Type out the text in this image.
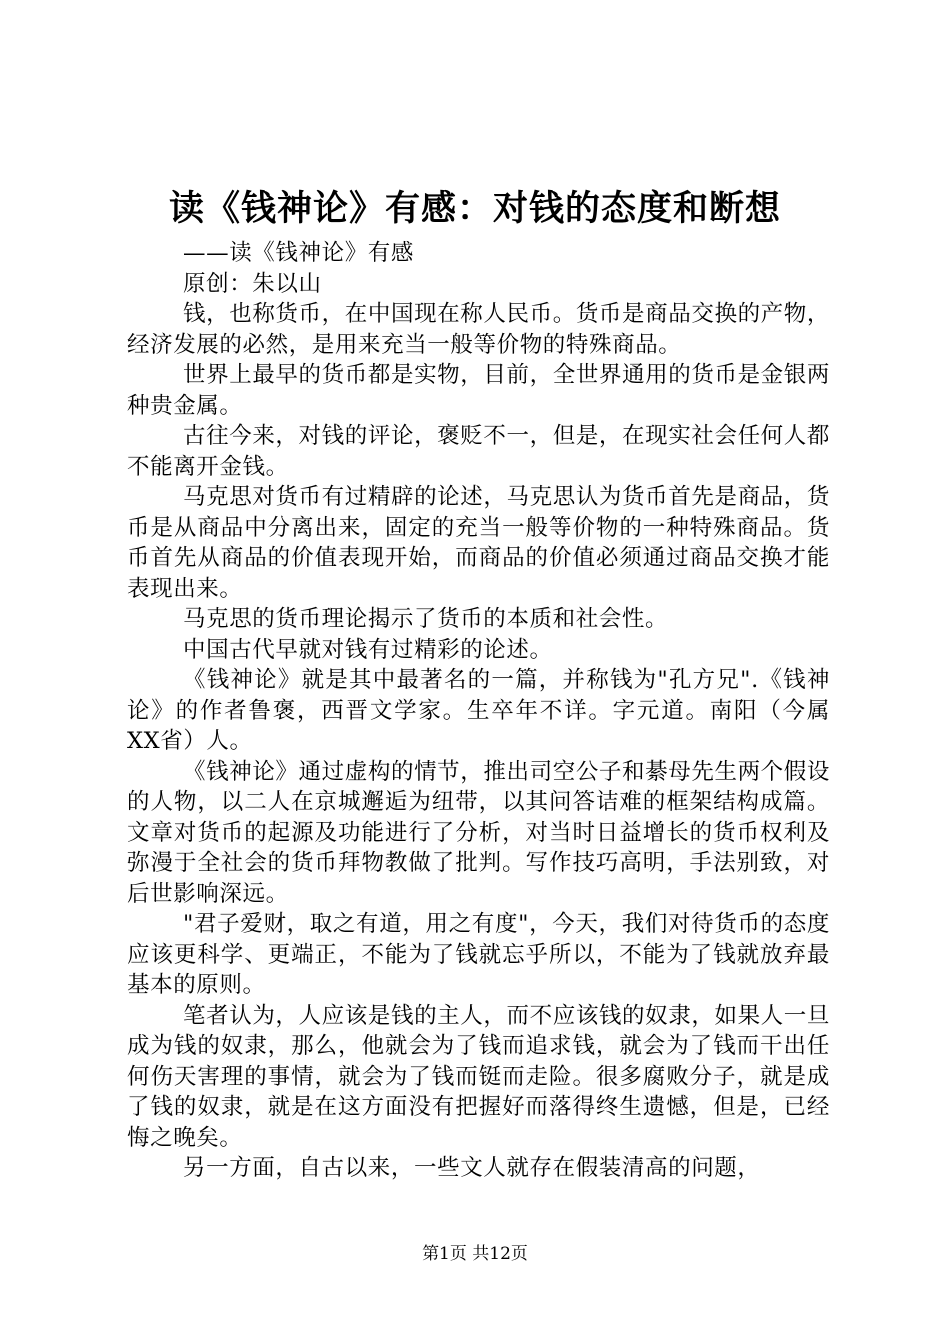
读《钱神论》有感：对钱的态度和断想

——读《钱神论》有感

原创：朱以山

钱，也称货币，在中国现在称人民币。货币是商品交换的产物，经济发展的必然，是用来充当一般等价物的特殊商品。

世界上最早的货币都是实物，目前，全世界通用的货币是金银两种贵金属。

古往今来，对钱的评论，褒贬不一，但是，在现实社会任何人都不能离开金钱。

马克思对货币有过精辟的论述，马克思认为货币首先是商品，货币是从商品中分离出来，固定的充当一般等价物的一种特殊商品。货币首先从商品的价值表现开始，而商品的价值必须通过商品交换才能表现出来。

马克思的货币理论揭示了货币的本质和社会性。

中国古代早就对钱有过精彩的论述。

《钱神论》就是其中最著名的一篇，并称钱为"孔方兄".《钱神论》的作者鲁褒，西晋文学家。生卒年不详。字元道。南阳（今属XX省）人。

《钱神论》通过虚构的情节，推出司空公子和綦母先生两个假设的人物，以二人在京城邂逅为纽带，以其问答诘难的框架结构成篇。文章对货币的起源及功能进行了分析，对当时日益增长的货币权利及弥漫于全社会的货币拜物教做了批判。写作技巧高明，手法别致，对后世影响深远。

"君子爱财，取之有道，用之有度"，今天，我们对待货币的态度应该更科学、更端正，不能为了钱就忘乎所以，不能为了钱就放弃最基本的原则。

笔者认为，人应该是钱的主人，而不应该钱的奴隶，如果人一旦成为钱的奴隶，那么，他就会为了钱而追求钱，就会为了钱而干出任何伤天害理的事情，就会为了钱而铤而走险。很多腐败分子，就是成了钱的奴隶，就是在这方面没有把握好而落得终生遗憾，但是，已经悔之晚矣。

另一方面，自古以来，一些文人就存在假装清高的问题，

第1页 共12页
